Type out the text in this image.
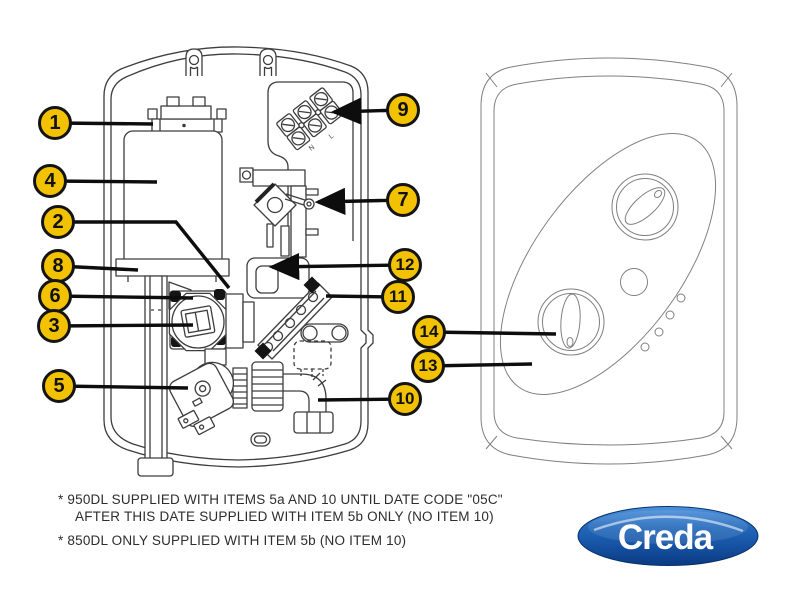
N
L
Creda
1
4
2
8
6
3
5
9
7
12
11
10
14
13
* 950DL SUPPLIED WITH ITEMS 5a AND 10 UNTIL DATE CODE "05C"
AFTER THIS DATE SUPPLIED WITH ITEM 5b ONLY (NO ITEM 10)
* 850DL ONLY SUPPLIED WITH ITEM 5b (NO ITEM 10)
